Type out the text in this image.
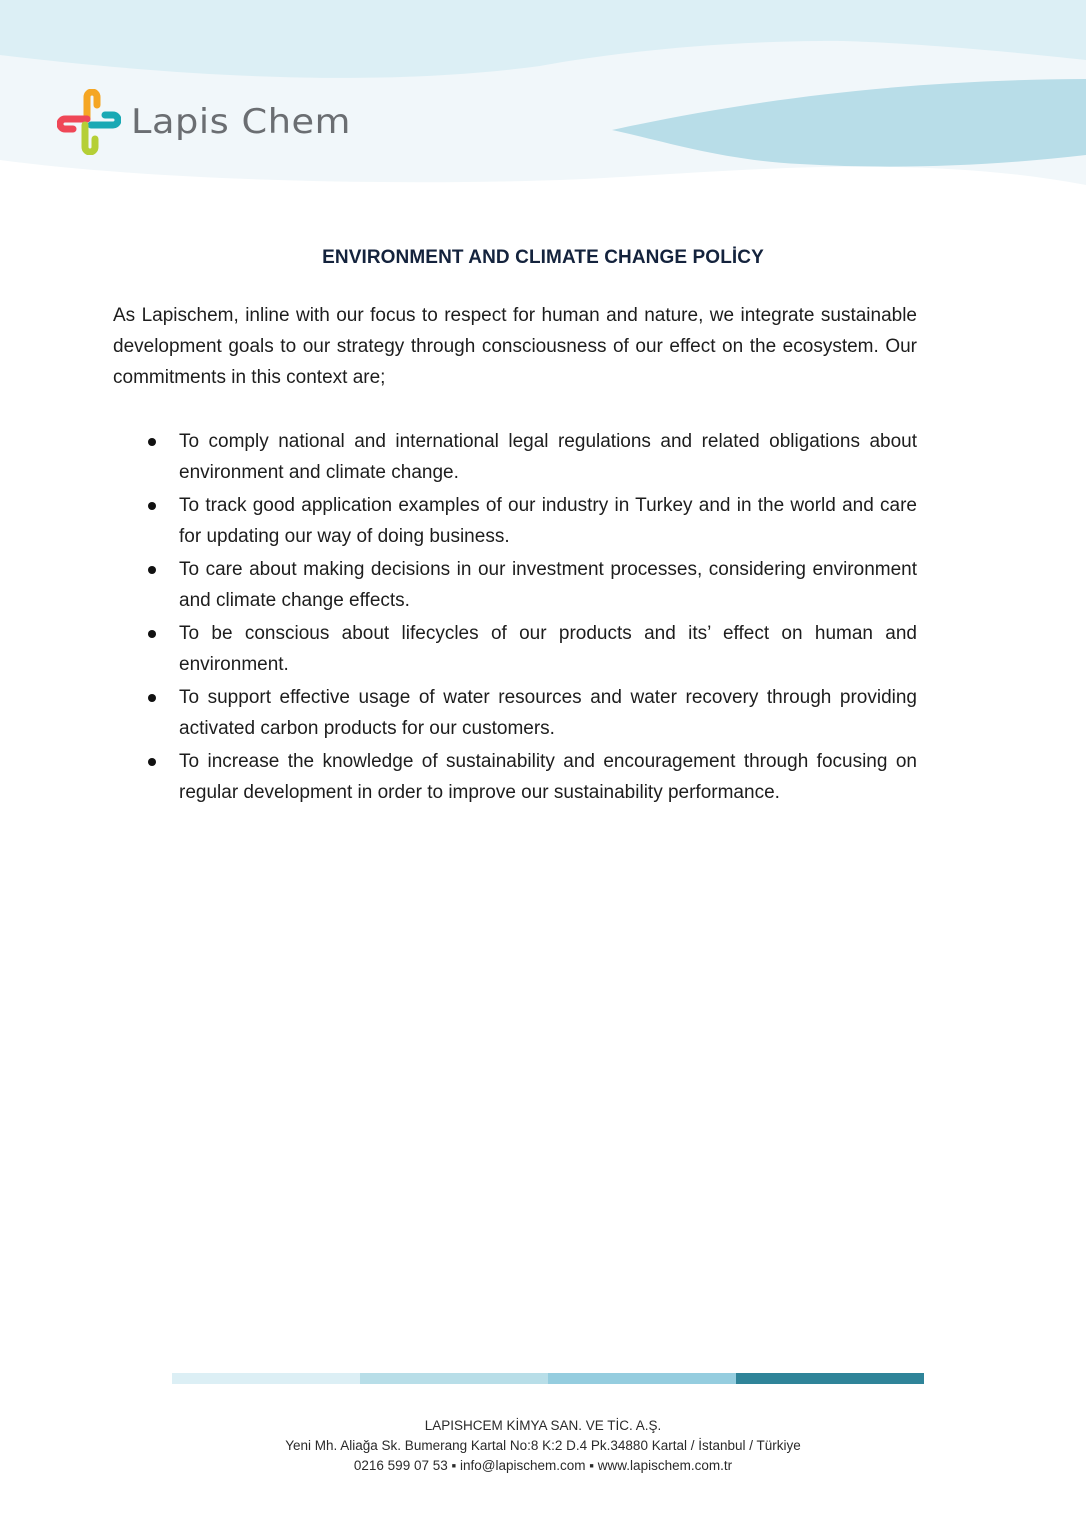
Lapis Chem
ENVIRONMENT AND CLIMATE CHANGE POLİCY

As Lapischem, inline with our focus to respect for human and nature, we integrate sustainable development goals to our strategy through consciousness of our effect on the ecosystem. Our commitments in this context are;

To comply national and international legal regulations and related obligations about environment and climate change.
To track good application examples of our industry in Turkey and in the world and care for updating our way of doing business.
To care about making decisions in our investment processes, considering environment and climate change effects.
To be conscious about lifecycles of our products and its’ effect on human and environment.
To support effective usage of water resources and water recovery through providing activated carbon products for our customers.
To increase the knowledge of sustainability and encouragement through focusing on regular development in order to improve our sustainability performance.
LAPISHCEM KİMYA SAN. VE TİC. A.Ş.
Yeni Mh. Aliağa Sk. Bumerang Kartal No:8 K:2 D.4 Pk.34880 Kartal / İstanbul / Türkiye
0216 599 07 53 ▪ info@lapischem.com ▪ www.lapischem.com.tr
